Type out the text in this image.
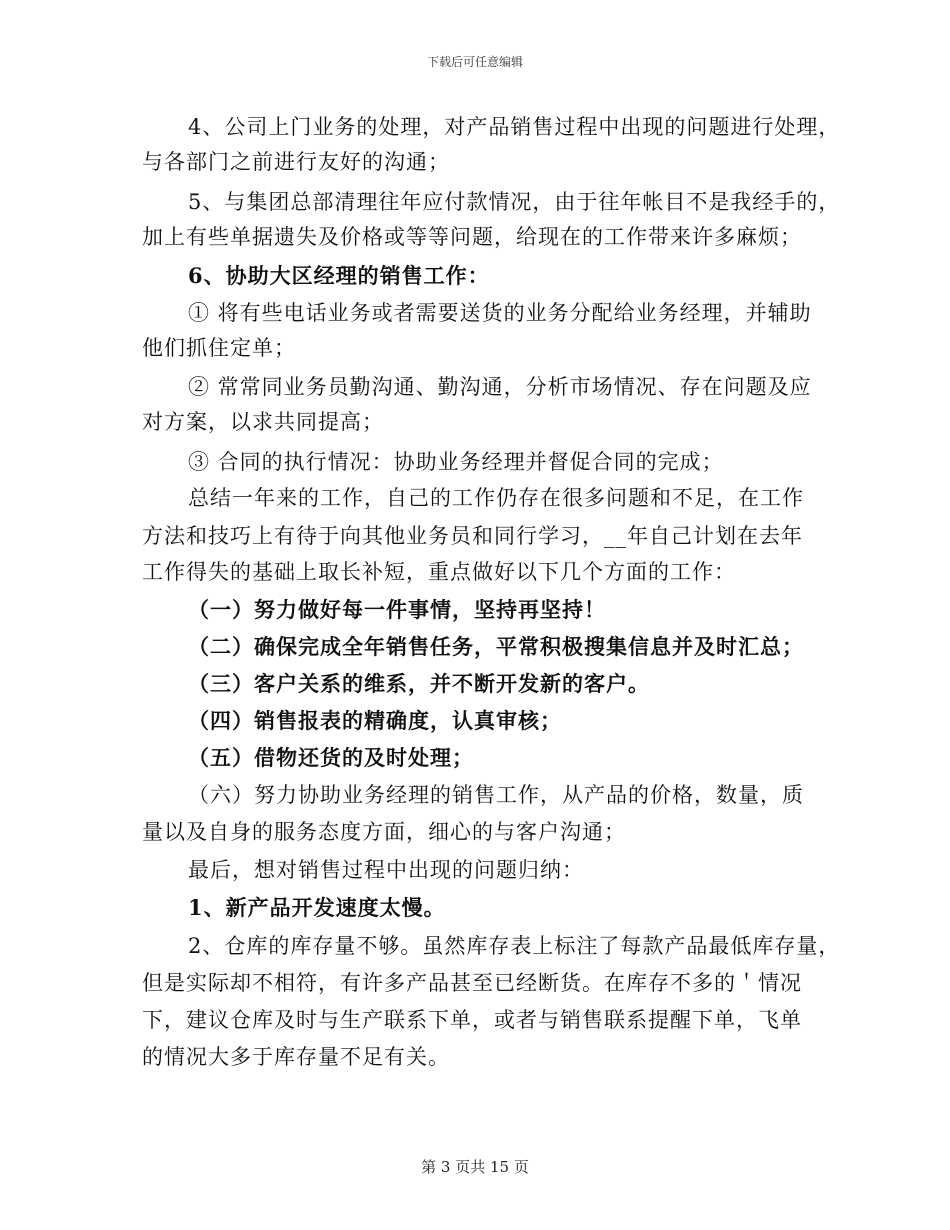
下载后可任意编辑
4、公司上门业务的处理，对产品销售过程中出现的问题进行处理，
与各部门之前进行友好的沟通；
5、与集团总部清理往年应付款情况，由于往年帐目不是我经手的，
加上有些单据遗失及价格或等等问题，给现在的工作带来许多麻烦；
6、协助大区经理的销售工作：
① 将有些电话业务或者需要送货的业务分配给业务经理，并辅助
他们抓住定单；
② 常常同业务员勤沟通、勤沟通，分析市场情况、存在问题及应
对方案，以求共同提高；
③ 合同的执行情况：协助业务经理并督促合同的完成；
总结一年来的工作，自己的工作仍存在很多问题和不足，在工作
方法和技巧上有待于向其他业务员和同行学习，__年自己计划在去年
工作得失的基础上取长补短，重点做好以下几个方面的工作：
（一）努力做好每一件事情，坚持再坚持！
（二）确保完成全年销售任务，平常积极搜集信息并及时汇总；
（三）客户关系的维系，并不断开发新的客户。
（四）销售报表的精确度，认真审核；
（五）借物还货的及时处理；
（六）努力协助业务经理的销售工作，从产品的价格，数量，质
量以及自身的服务态度方面，细心的与客户沟通；
最后，想对销售过程中出现的问题归纳：
1、新产品开发速度太慢。
2、仓库的库存量不够。虽然库存表上标注了每款产品最低库存量，
但是实际却不相符，有许多产品甚至已经断货。在库存不多的＇情况
下，建议仓库及时与生产联系下单，或者与销售联系提醒下单，飞单
的情况大多于库存量不足有关。
第 3 页共 15 页
